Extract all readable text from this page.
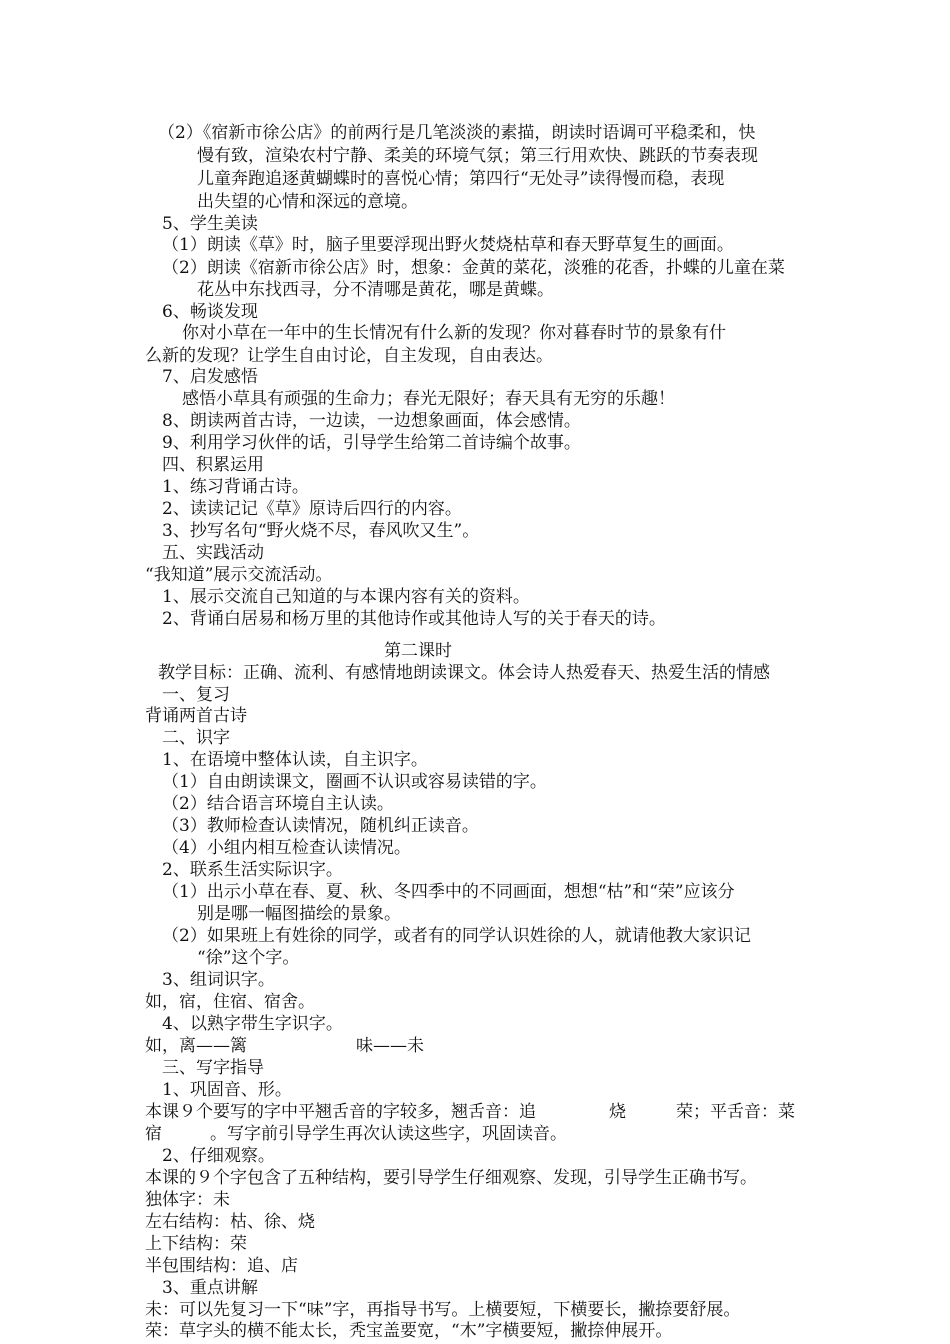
（2）《宿新市徐公店》的前两行是几笔淡淡的素描，朗读时语调可平稳柔和，快
慢有致，渲染农村宁静、柔美的环境气氛；第三行用欢快、跳跃的节奏表现
儿童奔跑追逐黄蝴蝶时的喜悦心情；第四行“无处寻”读得慢而稳，表现
出失望的心情和深远的意境。
5、学生美读
（1）朗读《草》时，脑子里要浮现出野火焚烧枯草和春天野草复生的画面。
（2）朗读《宿新市徐公店》时，想象：金黄的菜花，淡雅的花香，扑蝶的儿童在菜
花丛中东找西寻，分不清哪是黄花，哪是黄蝶。
6、畅谈发现
你对小草在一年中的生长情况有什么新的发现？你对暮春时节的景象有什
么新的发现？让学生自由讨论，自主发现，自由表达。
7、启发感悟
感悟小草具有顽强的生命力；春光无限好；春天具有无穷的乐趣！
8、朗读两首古诗，一边读，一边想象画面，体会感情。
9、利用学习伙伴的话，引导学生给第二首诗编个故事。
四、积累运用
1、练习背诵古诗。
2、读读记记《草》原诗后四行的内容。
3、抄写名句“野火烧不尽，春风吹又生”。
五、实践活动
“我知道”展示交流活动。
1、展示交流自己知道的与本课内容有关的资料。
2、背诵白居易和杨万里的其他诗作或其他诗人写的关于春天的诗。
第二课时
教学目标：正确、流利、有感情地朗读课文。体会诗人热爱春天、热爱生活的情感
一、复习
背诵两首古诗
二、识字
1、在语境中整体认读，自主识字。
（1）自由朗读课文，圈画不认识或容易读错的字。
（2）结合语言环境自主认读。
（3）教师检查认读情况，随机纠正读音。
（4）小组内相互检查认读情况。
2、联系生活实际识字。
（1）出示小草在春、夏、秋、冬四季中的不同画面，想想“枯”和“荣”应该分
别是哪一幅图描绘的景象。
（2）如果班上有姓徐的同学，或者有的同学认识姓徐的人，就请他教大家识记
“徐”这个字。
3、组词识字。
如，宿，住宿、宿舍。
4、以熟字带生字识字。
如，离——篱	味——未
三、写字指导
1、巩固音、形。
本课９个要写的字中平翘舌音的字较多，翘舌音：追	烧	荣；平舌音：菜
宿	。写字前引导学生再次认读这些字，巩固读音。
2、仔细观察。
本课的９个字包含了五种结构，要引导学生仔细观察、发现，引导学生正确书写。
独体字：未
左右结构：枯、徐、烧
上下结构：荣
半包围结构：追、店
3、重点讲解
未：可以先复习一下“味”字，再指导书写。上横要短，下横要长，撇捺要舒展。
荣：草字头的横不能太长，秃宝盖要宽，“木”字横要短，撇捺伸展开。
